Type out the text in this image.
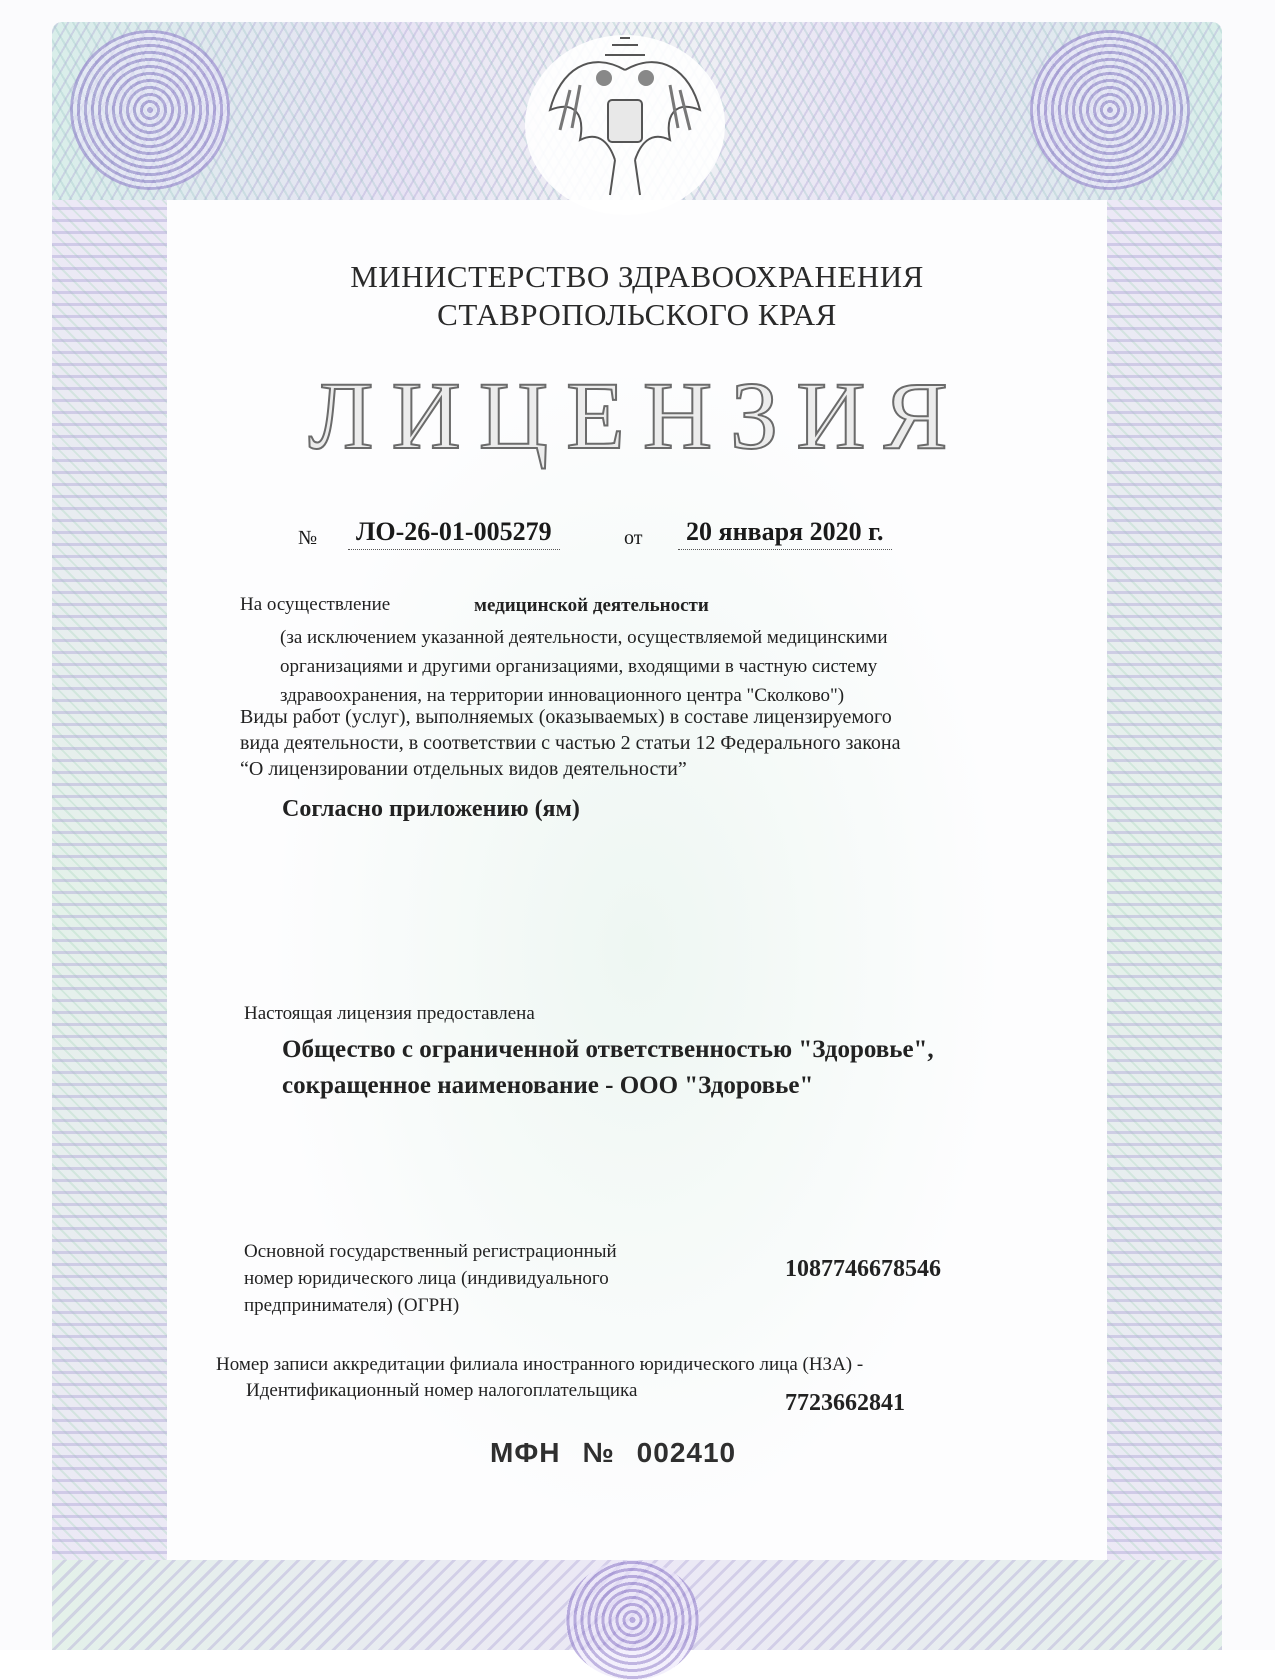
МИНИСТЕРСТВО ЗДРАВООХРАНЕНИЯ
СТАВРОПОЛЬСКОГО КРАЯ
ЛИЦЕНЗИЯ
№	ЛО-26-01-005279	от	20 января 2020 г.
На осуществление	медицинской деятельности
(за исключением указанной деятельности, осуществляемой медицинскими
организациями и другими организациями, входящими в частную систему
здравоохранения, на территории инновационного центра "Сколково")
Виды работ (услуг), выполняемых (оказываемых) в составе лицензируемого
вида деятельности, в соответствии с частью 2 статьи 12 Федерального закона
“О лицензировании отдельных видов деятельности”
Согласно приложению (ям)
Настоящая лицензия предоставлена
Общество с ограниченной ответственностью "Здоровье",
сокращенное наименование - ООО "Здоровье"
Основной государственный регистрационный
номер юридического лица (индивидуального
предпринимателя) (ОГРН)
1087746678546
Номер записи аккредитации филиала иностранного юридического лица (НЗА) -
Идентификационный номер налогоплательщика	7723662841
МФН № 002410
